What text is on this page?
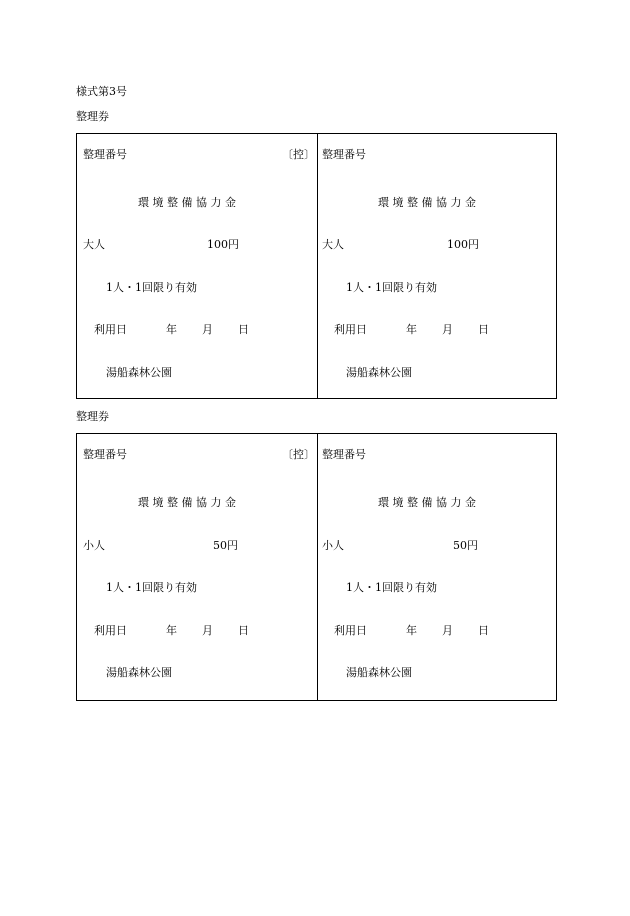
様式第3号
整理券
整理番号	〔控〕
環境整備協力金
大人	100円
1人・1回限り有効
利用日	年 月 日
湯船森林公園
整理番号
環境整備協力金
大人	100円
1人・1回限り有効
利用日	年 月 日
湯船森林公園
整理券
整理番号	〔控〕
環境整備協力金
小人	50円
1人・1回限り有効
利用日	年 月 日
湯船森林公園
整理番号
環境整備協力金
小人	50円
1人・1回限り有効
利用日	年 月 日
湯船森林公園
